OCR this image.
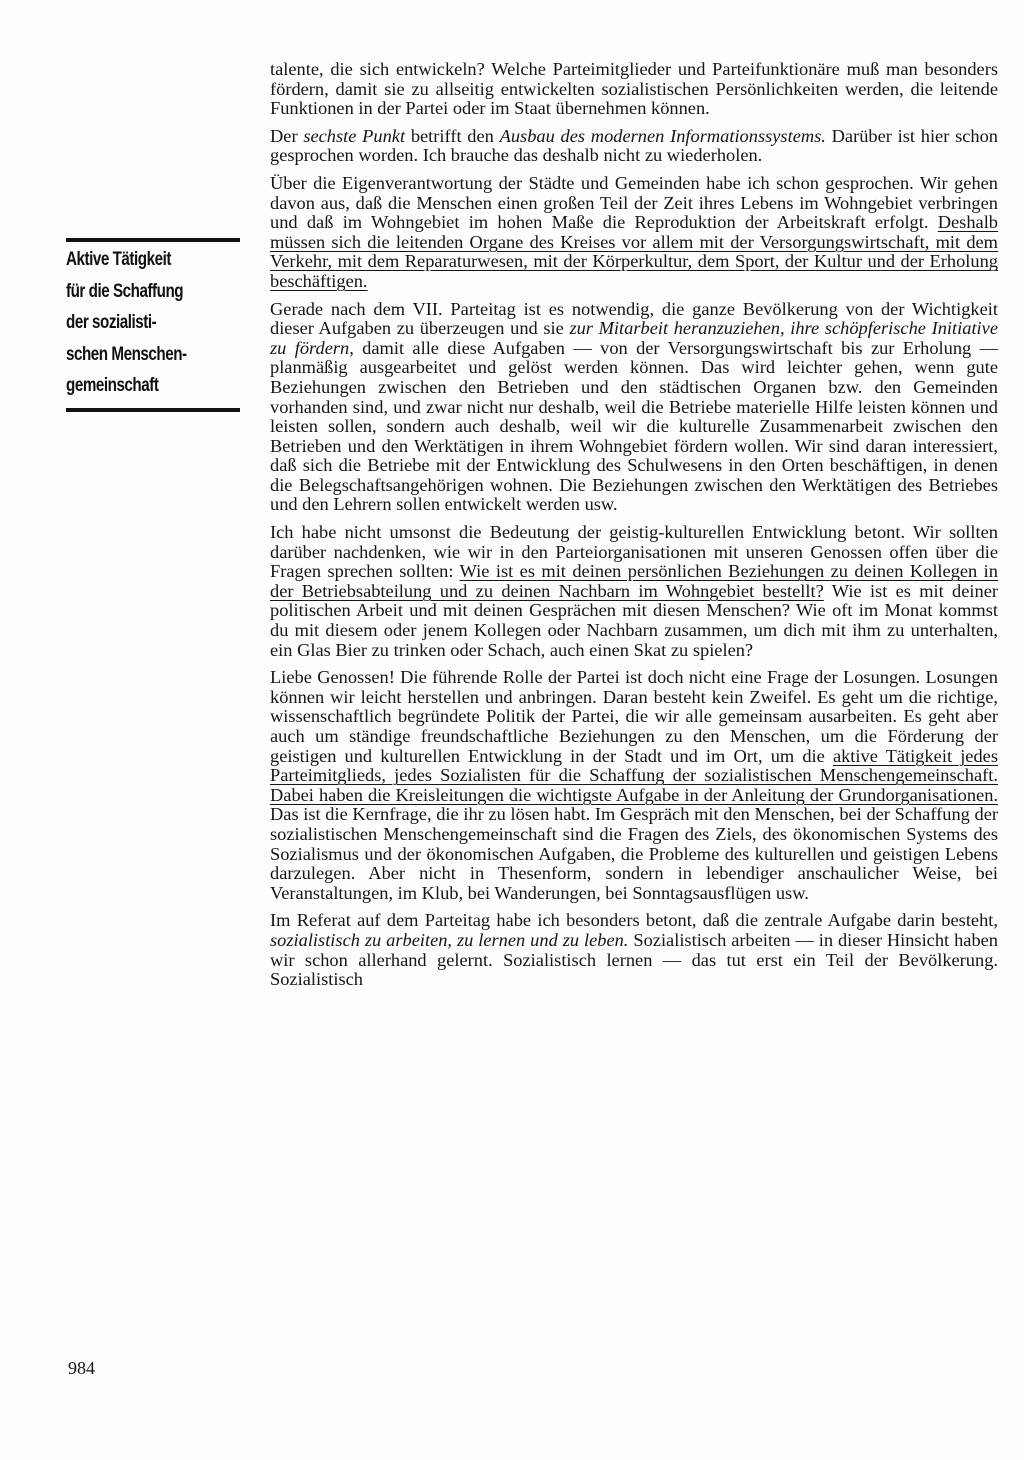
Aktive Tätigkeit
für die Schaffung
der sozialisti-
schen Menschen-
gemeinschaft

talente, die sich entwickeln? Welche Parteimitglieder und Parteifunktionäre muß man besonders fördern, damit sie zu allseitig entwickelten sozialistischen Persönlichkeiten werden, die leitende Funktionen in der Partei oder im Staat übernehmen können.

Der sechste Punkt betrifft den Ausbau des modernen Informationssystems. Darüber ist hier schon gesprochen worden. Ich brauche das deshalb nicht zu wiederholen.

Über die Eigenverantwortung der Städte und Gemeinden habe ich schon gesprochen. Wir gehen davon aus, daß die Menschen einen großen Teil der Zeit ihres Lebens im Wohngebiet verbringen und daß im Wohngebiet im hohen Maße die Reproduktion der Arbeitskraft erfolgt. Deshalb müssen sich die leitenden Organe des Kreises vor allem mit der Versorgungswirtschaft, mit dem Verkehr, mit dem Reparaturwesen, mit der Körperkultur, dem Sport, der Kultur und der Erholung beschäftigen.

Gerade nach dem VII. Parteitag ist es notwendig, die ganze Bevölkerung von der Wichtigkeit dieser Aufgaben zu überzeugen und sie zur Mitarbeit heranzuziehen, ihre schöpferische Initiative zu fördern, damit alle diese Aufgaben — von der Versorgungswirtschaft bis zur Erholung — planmäßig ausgearbeitet und gelöst werden können. Das wird leichter gehen, wenn gute Beziehungen zwischen den Betrieben und den städtischen Organen bzw. den Gemeinden vorhanden sind, und zwar nicht nur deshalb, weil die Betriebe materielle Hilfe leisten können und leisten sollen, sondern auch deshalb, weil wir die kulturelle Zusammenarbeit zwischen den Betrieben und den Werktätigen in ihrem Wohngebiet fördern wollen. Wir sind daran interessiert, daß sich die Betriebe mit der Entwicklung des Schulwesens in den Orten beschäftigen, in denen die Belegschaftsangehörigen wohnen. Die Beziehungen zwischen den Werktätigen des Betriebes und den Lehrern sollen entwickelt werden usw.

Ich habe nicht umsonst die Bedeutung der geistig-kulturellen Entwicklung betont. Wir sollten darüber nachdenken, wie wir in den Parteiorganisationen mit unseren Genossen offen über die Fragen sprechen sollten: Wie ist es mit deinen persönlichen Beziehungen zu deinen Kollegen in der Betriebsabteilung und zu deinen Nachbarn im Wohngebiet bestellt? Wie ist es mit deiner politischen Arbeit und mit deinen Gesprächen mit diesen Menschen? Wie oft im Monat kommst du mit diesem oder jenem Kollegen oder Nachbarn zusammen, um dich mit ihm zu unterhalten, ein Glas Bier zu trinken oder Schach, auch einen Skat zu spielen?

Liebe Genossen! Die führende Rolle der Partei ist doch nicht eine Frage der Losungen. Losungen können wir leicht herstellen und anbringen. Daran besteht kein Zweifel. Es geht um die richtige, wissenschaftlich begründete Politik der Partei, die wir alle gemeinsam ausarbeiten. Es geht aber auch um ständige freundschaftliche Beziehungen zu den Menschen, um die Förderung der geistigen und kulturellen Entwicklung in der Stadt und im Ort, um die aktive Tätigkeit jedes Parteimitglieds, jedes Sozialisten für die Schaffung der sozialistischen Menschengemeinschaft. Dabei haben die Kreisleitungen die wichtigste Aufgabe in der Anleitung der Grundorganisationen. Das ist die Kernfrage, die ihr zu lösen habt. Im Gespräch mit den Menschen, bei der Schaffung der sozialistischen Menschengemeinschaft sind die Fragen des Ziels, des ökonomischen Systems des Sozialismus und der ökonomischen Aufgaben, die Probleme des kulturellen und geistigen Lebens darzulegen. Aber nicht in Thesenform, sondern in lebendiger anschaulicher Weise, bei Veranstaltungen, im Klub, bei Wanderungen, bei Sonntagsausflügen usw.

Im Referat auf dem Parteitag habe ich besonders betont, daß die zentrale Aufgabe darin besteht, sozialistisch zu arbeiten, zu lernen und zu leben. Sozialistisch arbeiten — in dieser Hinsicht haben wir schon allerhand gelernt. Sozialistisch lernen — das tut erst ein Teil der Bevölkerung. Sozialistisch

984
